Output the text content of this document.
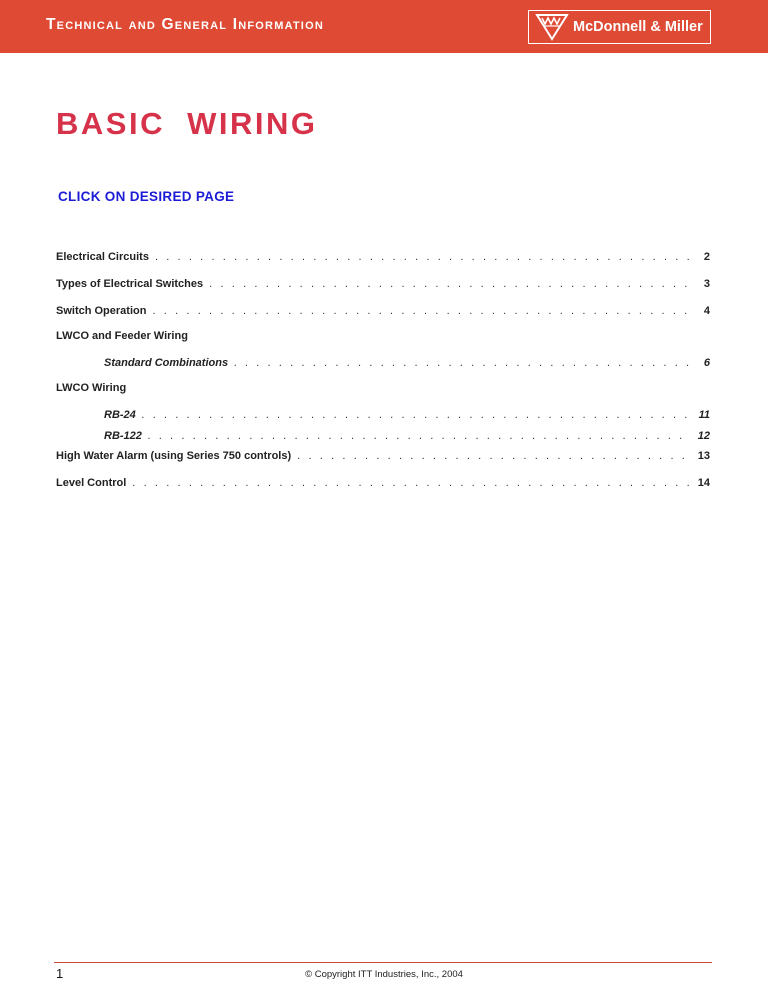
Technical and General Information	McDonnell & Miller
BASIC  WIRING

CLICK ON DESIRED PAGE

Electrical Circuits . . .	2
Types of Electrical Switches . . .	3
Switch Operation . . .	4
LWCO and Feeder Wiring
Standard Combinations . . .	6
LWCO Wiring
RB-24 . . .	11
RB-122 . . .	12
High Water Alarm (using Series 750 controls) . . .	13
Level Control . . .	14
1	© Copyright ITT Industries, Inc., 2004
